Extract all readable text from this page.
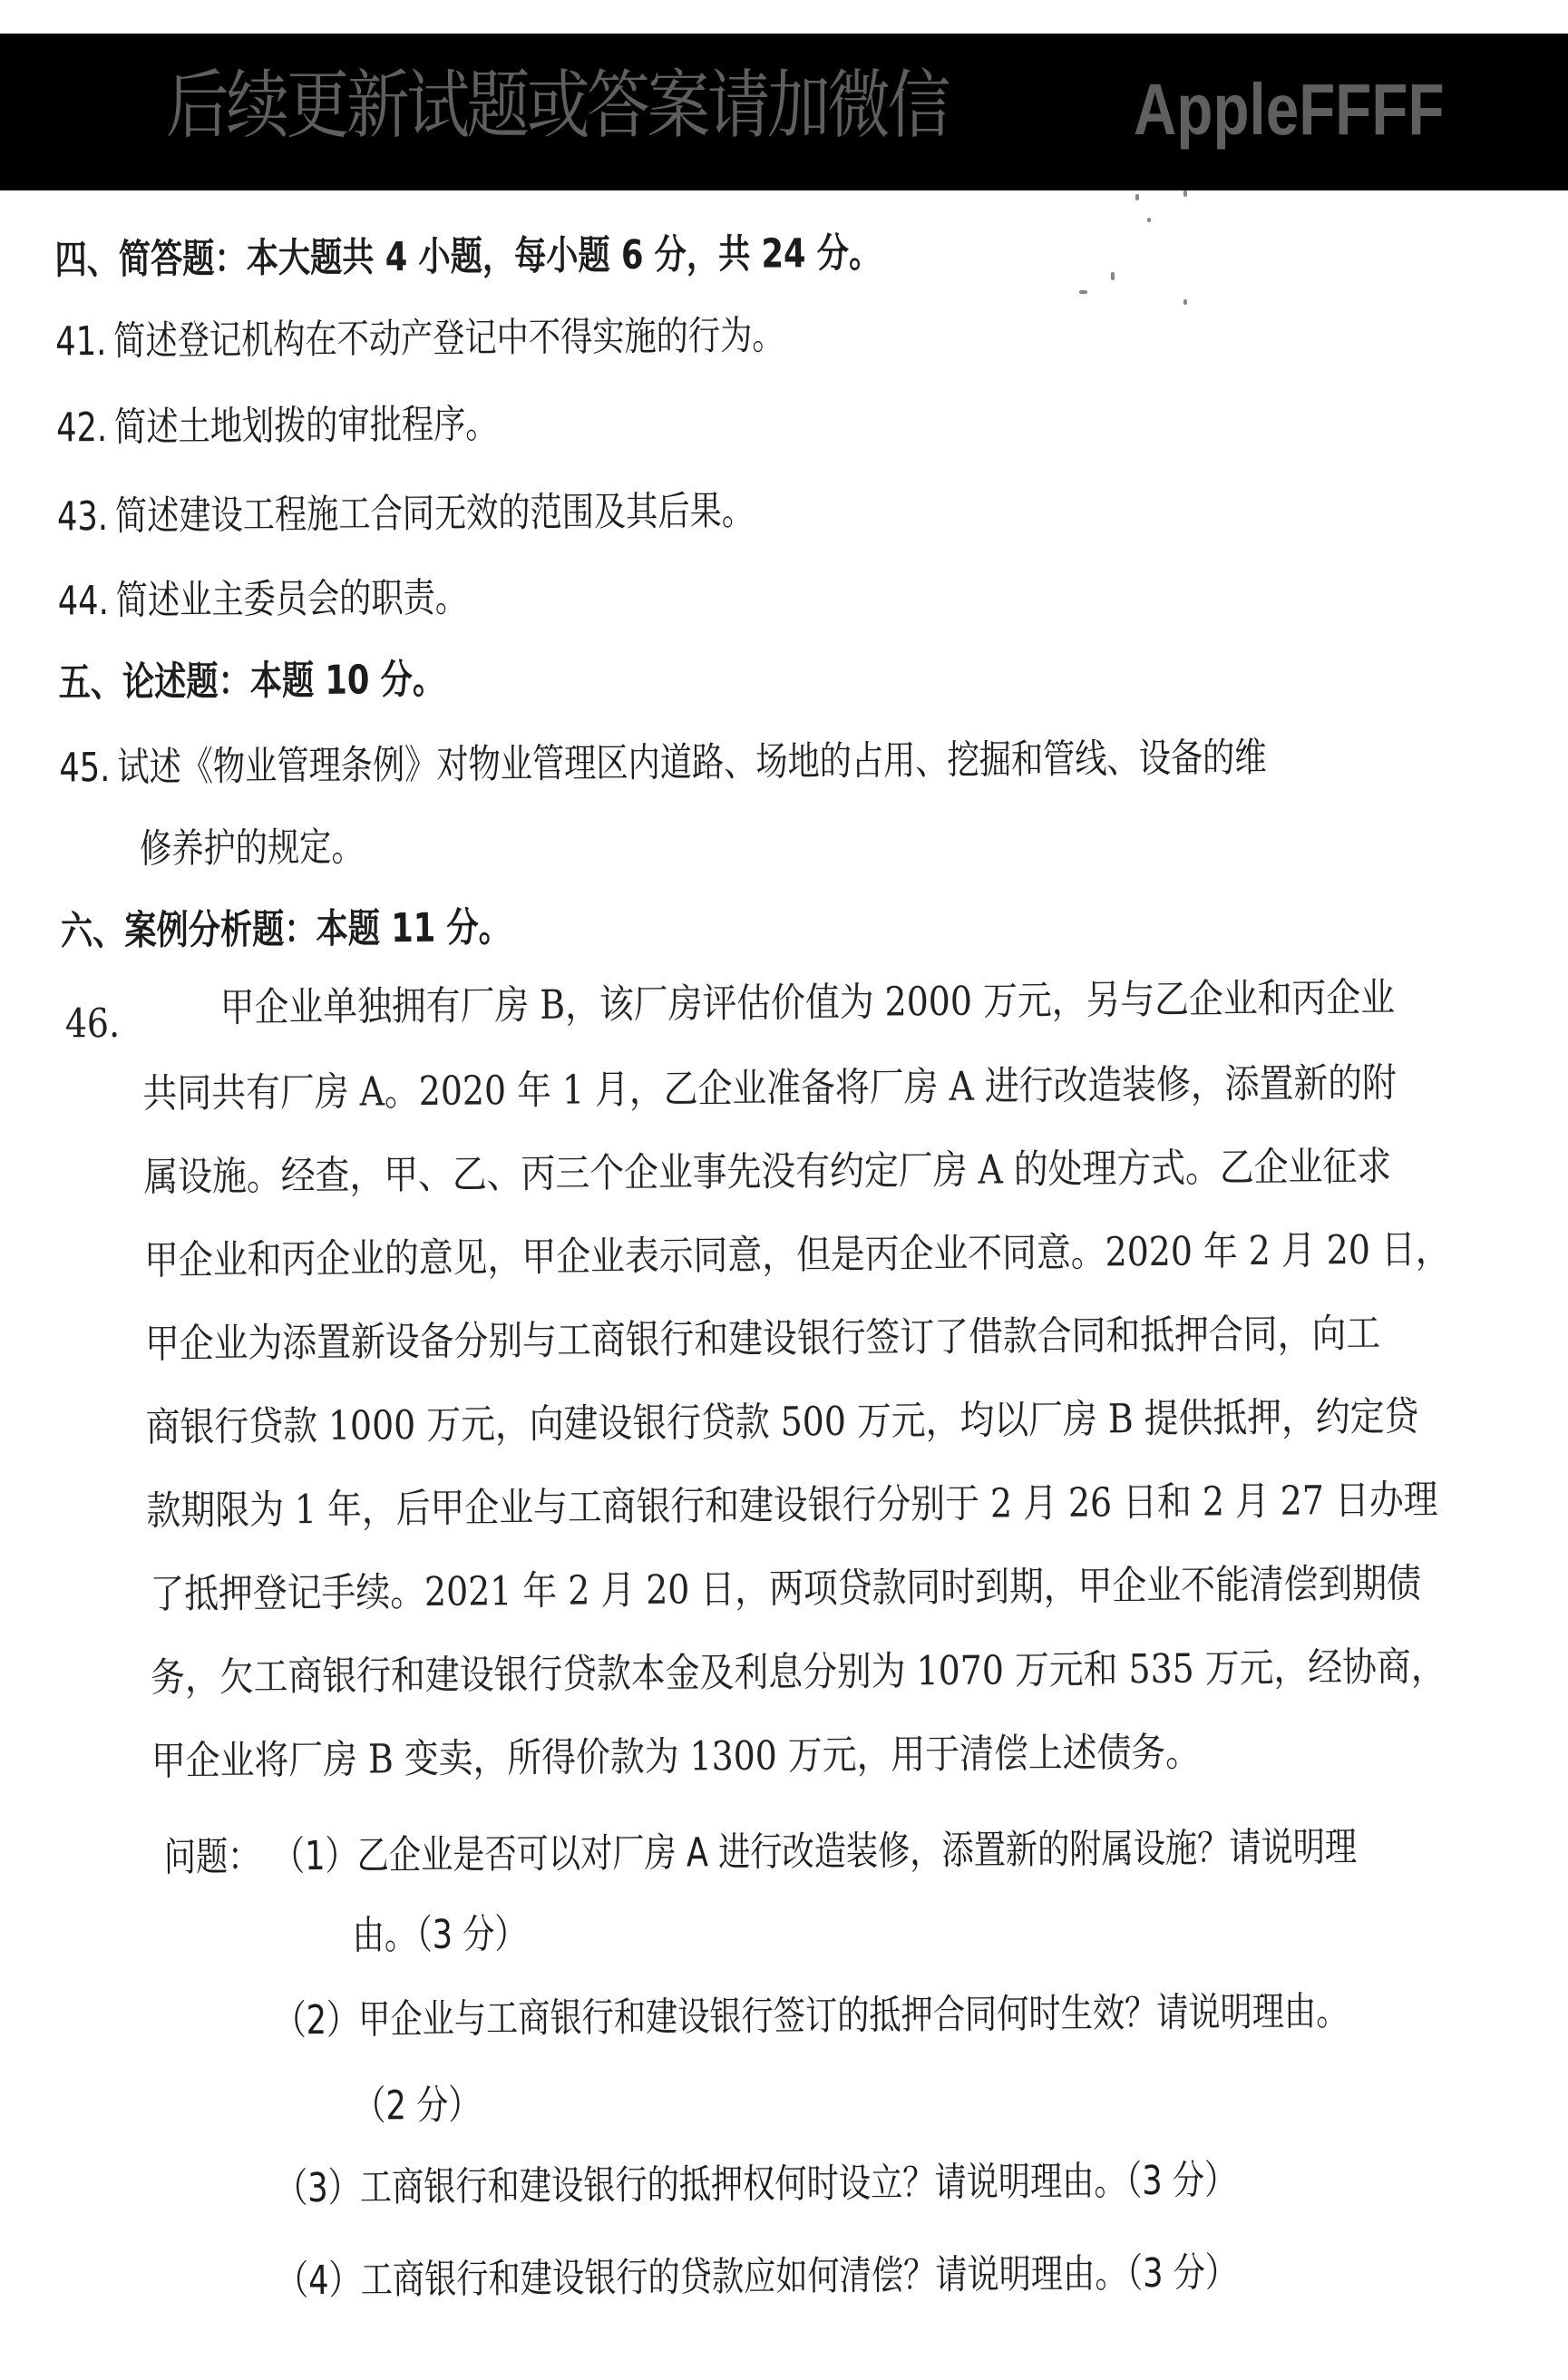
后续更新试题或答案请加微信	AppleFFFF
四、简答题：本大题共 4 小题，每小题 6 分，共 24 分。
41. 简述登记机构在不动产登记中不得实施的行为。
42. 简述土地划拨的审批程序。
43. 简述建设工程施工合同无效的范围及其后果。
44. 简述业主委员会的职责。
五、论述题：本题 10 分。
45. 试述《物业管理条例》对物业管理区内道路、场地的占用、挖掘和管线、设备的维
修养护的规定。
六、案例分析题：本题 11 分。
46.	甲企业单独拥有厂房 B，该厂房评估价值为 2000 万元，另与乙企业和丙企业
共同共有厂房 A。2020 年 1 月，乙企业准备将厂房 A 进行改造装修，添置新的附
属设施。经查，甲、乙、丙三个企业事先没有约定厂房 A 的处理方式。乙企业征求
甲企业和丙企业的意见，甲企业表示同意，但是丙企业不同意。2020 年 2 月 20 日，
甲企业为添置新设备分别与工商银行和建设银行签订了借款合同和抵押合同，向工
商银行贷款 1000 万元，向建设银行贷款 500 万元，均以厂房 B 提供抵押，约定贷
款期限为 1 年，后甲企业与工商银行和建设银行分别于 2 月 26 日和 2 月 27 日办理
了抵押登记手续。2021 年 2 月 20 日，两项贷款同时到期，甲企业不能清偿到期债
务，欠工商银行和建设银行贷款本金及利息分别为 1070 万元和 535 万元，经协商，
甲企业将厂房 B 变卖，所得价款为 1300 万元，用于清偿上述债务。
问题： （1）乙企业是否可以对厂房 A 进行改造装修，添置新的附属设施？请说明理
由。（3 分）
（2）甲企业与工商银行和建设银行签订的抵押合同何时生效？请说明理由。
（2 分）
（3）工商银行和建设银行的抵押权何时设立？请说明理由。（3 分）
（4）工商银行和建设银行的贷款应如何清偿？请说明理由。（3 分）
